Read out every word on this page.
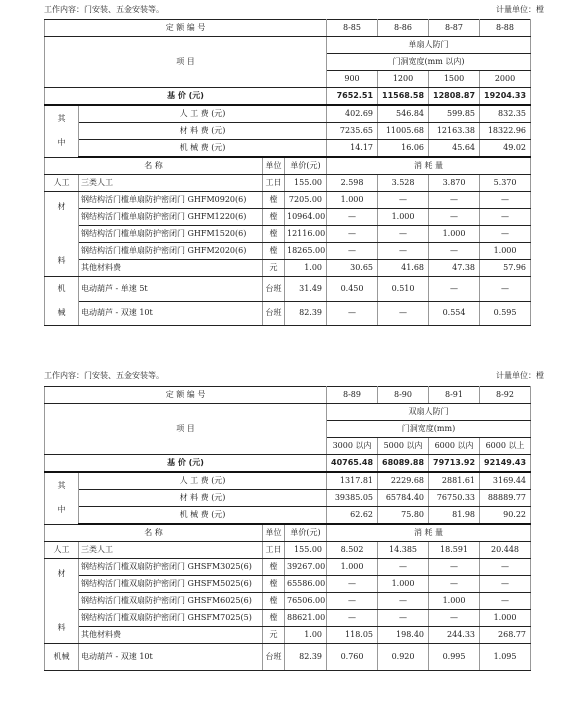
工作内容：门安装、五金安装等。	计量单位：樘
定 额 编 号				8-85	8-86	8-87	8-88
项 目				单扇人防门			
				门洞宽度(mm 以内)			
				900	1200	1500	2000
基 价 (元)				7652.51	11568.58	12808.87	19204.33

其
中	人 工 费 (元)			402.69	546.84	599.85	832.35
	材 料 费 (元)			7235.65	11005.68	12163.38	18322.96
	机 械 费 (元)			14.17	16.06	45.64	49.02
名 称		单位	单价(元)	消 耗 量			
人工	三类人工	工日	155.00	2.598	3.528	3.870	5.370

材
料	钢结构活门槛单扇防护密闭门 GHFM0920(6)	樘	7205.00	1.000	—	—	—
	钢结构活门槛单扇防护密闭门 GHFM1220(6)	樘	10964.00	—	1.000	—	—
	钢结构活门槛单扇防护密闭门 GHFM1520(6)	樘	12116.00	—	—	1.000	—
	钢结构活门槛单扇防护密闭门 GHFM2020(6)	樘	18265.00	—	—	—	1.000
	其他材料费	元	1.00	30.65	41.68	47.38	57.96

机
械	电动葫芦 - 单速 5t	台班	31.49	0.450	0.510	—	—
	电动葫芦 - 双速 10t	台班	82.39	—	—	0.554	0.595
工作内容：门安装、五金安装等。	计量单位：樘
定 额 编 号				8-89	8-90	8-91	8-92
项 目				双扇人防门			
				门洞宽度(mm)			
				3000 以内	5000 以内	6000 以内	6000 以上
基 价 (元)				40765.48	68089.88	79713.92	92149.43

其
中	人 工 费 (元)			1317.81	2229.68	2881.61	3169.44
	材 料 费 (元)			39385.05	65784.40	76750.33	88889.77
	机 械 费 (元)			62.62	75.80	81.98	90.22
名 称		单位	单价(元)	消 耗 量			
人工	三类人工	工日	155.00	8.502	14.385	18.591	20.448

材
料	钢结构活门槛双扇防护密闭门 GHSFM3025(6)	樘	39267.00	1.000	—	—	—
	钢结构活门槛双扇防护密闭门 GHSFM5025(6)	樘	65586.00	—	1.000	—	—
	钢结构活门槛双扇防护密闭门 GHSFM6025(6)	樘	76506.00	—	—	1.000	—
	钢结构活门槛双扇防护密闭门 GHSFM7025(5)	樘	88621.00	—	—	—	1.000
	其他材料费	元	1.00	118.05	198.40	244.33	268.77
机械	电动葫芦 - 双速 10t	台班	82.39	0.760	0.920	0.995	1.095
